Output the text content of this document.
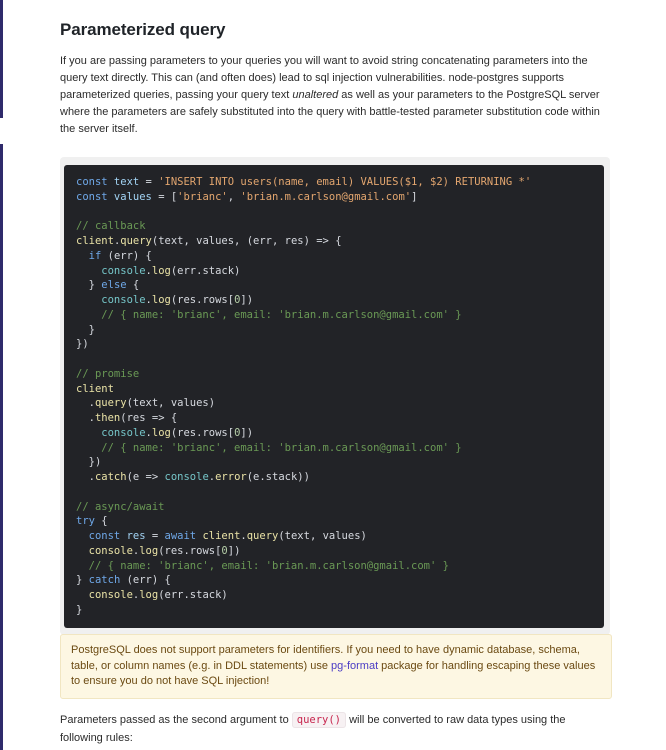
Parameterized query

If you are passing parameters to your queries you will want to avoid string concatenating parameters into the query text directly. This can (and often does) lead to sql injection vulnerabilities. node-postgres supports parameterized queries, passing your query text unaltered as well as your parameters to the PostgreSQL server where the parameters are safely substituted into the query with battle-tested parameter substitution code within the server itself.

const text = 'INSERT INTO users(name, email) VALUES($1, $2) RETURNING *'
const values = ['brianc', 'brian.m.carlson@gmail.com']

// callback
client.query(text, values, (err, res) => {
if (err) {
console.log(err.stack)
} else {
console.log(res.rows[0])
// { name: 'brianc', email: 'brian.m.carlson@gmail.com' }
}
})

// promise
client
.query(text, values)
.then(res => {
console.log(res.rows[0])
// { name: 'brianc', email: 'brian.m.carlson@gmail.com' }
})
.catch(e => console.error(e.stack))

// async/await
try {
const res = await client.query(text, values)
console.log(res.rows[0])
// { name: 'brianc', email: 'brian.m.carlson@gmail.com' }
} catch (err) {
console.log(err.stack)
}
PostgreSQL does not support parameters for identifiers. If you need to have dynamic database, schema, table, or column names (e.g. in DDL statements) use pg-format package for handling escaping these values to ensure you do not have SQL injection!

Parameters passed as the second argument to query() will be converted to raw data types using the following rules:
